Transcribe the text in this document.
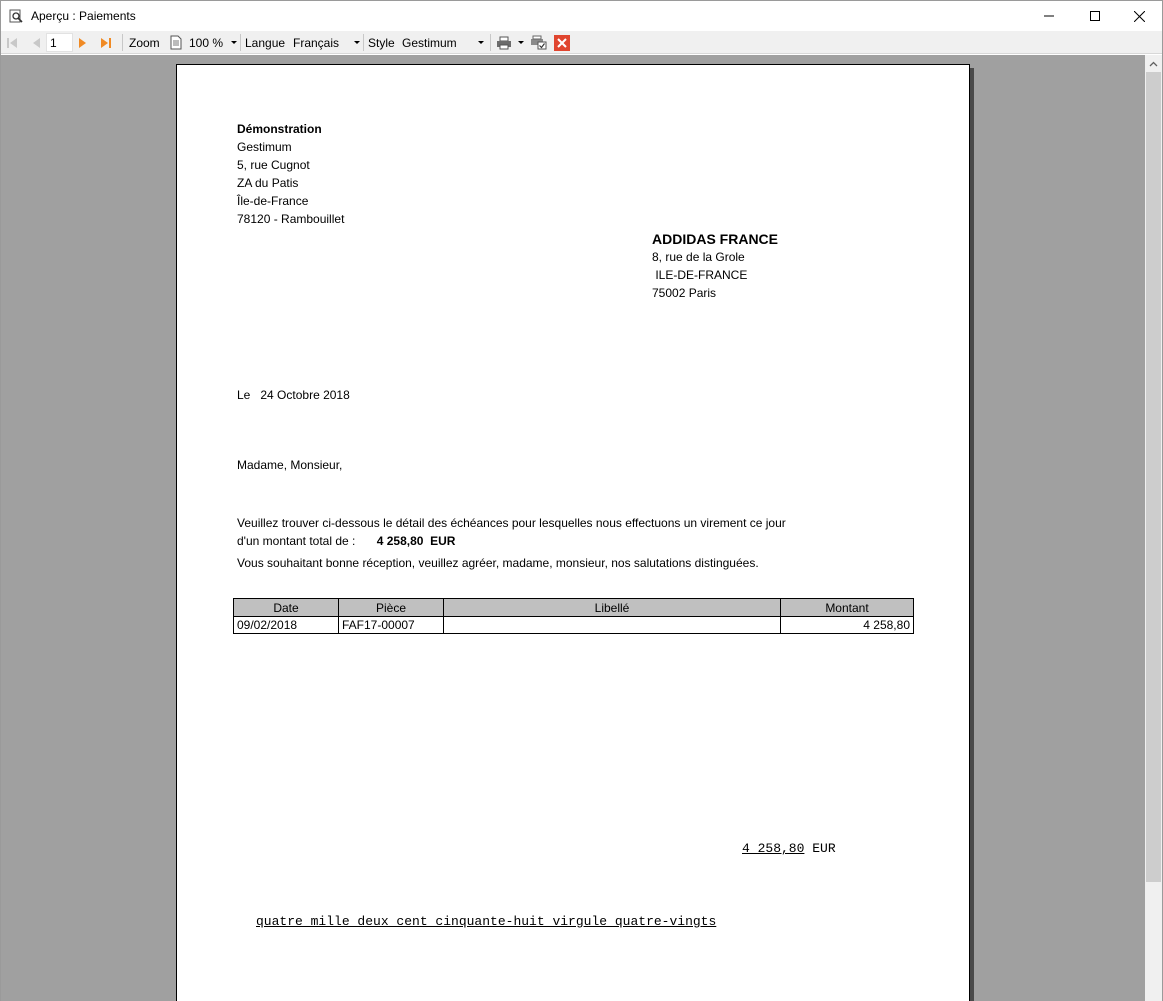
Aperçu : Paiements
1	Zoom 100 % Langue Français	Style Gestimum
Démonstration
Gestimum
5, rue Cugnot
ZA du Patis
Île-de-France
78120 - Rambouillet
ADDIDAS FRANCE
8, rue de la Grole
ILE-DE-FRANCE
75002 Paris
Le 24 Octobre 2018
Madame, Monsieur,
Veuillez trouver ci-dessous le détail des échéances pour lesquelles nous effectuons un virement ce jour
d'un montant total de : 4 258,80  EUR
Vous souhaitant bonne réception, veuillez agréer, madame, monsieur, nos salutations distinguées.
Date	Pièce	Libellé	Montant
09/02/2018	FAF17-00007		4 258,80
4 258,80 EUR
quatre mille deux cent cinquante-huit virgule quatre-vingts
